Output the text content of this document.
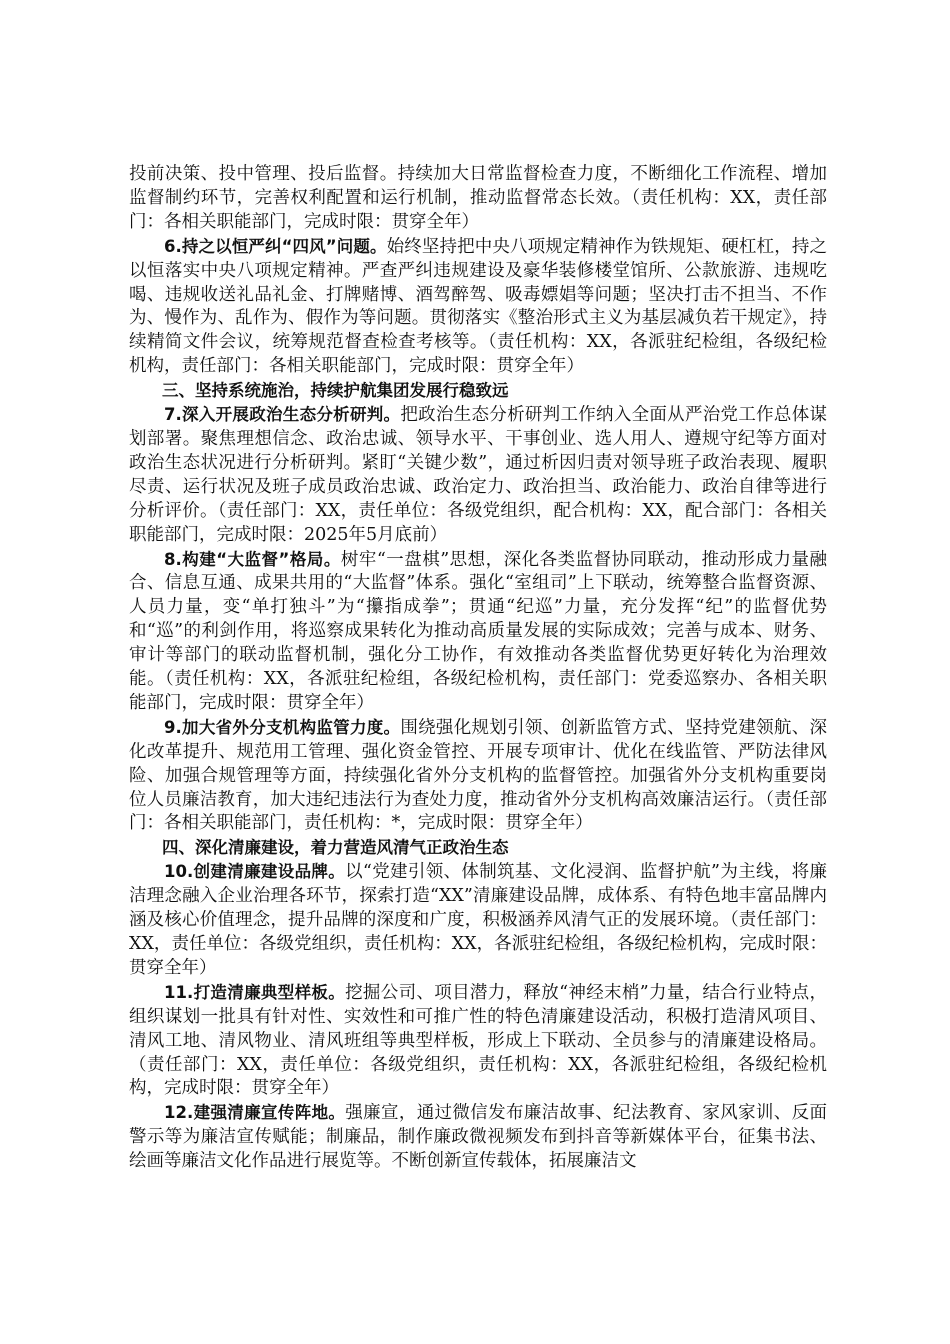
投前决策、投中管理、投后监督。持续加大日常监督检查力度，不断细化工作流程、增加监督制约环节，完善权利配置和运行机制，推动监督常态长效。（责任机构：XX，责任部门：各相关职能部门，完成时限：贯穿全年）

6.持之以恒严纠“四风”问题。始终坚持把中央八项规定精神作为铁规矩、硬杠杠，持之以恒落实中央八项规定精神。严查严纠违规建设及豪华装修楼堂馆所、公款旅游、违规吃喝、违规收送礼品礼金、打牌赌博、酒驾醉驾、吸毒嫖娼等问题；坚决打击不担当、不作为、慢作为、乱作为、假作为等问题。贯彻落实《整治形式主义为基层减负若干规定》，持续精简文件会议，统筹规范督查检查考核等。（责任机构：XX，各派驻纪检组，各级纪检机构，责任部门：各相关职能部门，完成时限：贯穿全年）

三、坚持系统施治，持续护航集团发展行稳致远

7.深入开展政治生态分析研判。把政治生态分析研判工作纳入全面从严治党工作总体谋划部署。聚焦理想信念、政治忠诚、领导水平、干事创业、选人用人、遵规守纪等方面对政治生态状况进行分析研判。紧盯“关键少数”，通过析因归责对领导班子政治表现、履职尽责、运行状况及班子成员政治忠诚、政治定力、政治担当、政治能力、政治自律等进行分析评价。（责任部门：XX，责任单位：各级党组织，配合机构：XX，配合部门：各相关职能部门，完成时限：2025年5月底前）

8.构建“大监督”格局。树牢“一盘棋”思想，深化各类监督协同联动，推动形成力量融合、信息互通、成果共用的“大监督”体系。强化“室组司”上下联动，统筹整合监督资源、人员力量，变“单打独斗”为“攥指成拳”；贯通“纪巡”力量，充分发挥“纪”的监督优势和“巡”的利剑作用，将巡察成果转化为推动高质量发展的实际成效；完善与成本、财务、审计等部门的联动监督机制，强化分工协作，有效推动各类监督优势更好转化为治理效能。（责任机构：XX，各派驻纪检组，各级纪检机构，责任部门：党委巡察办、各相关职能部门，完成时限：贯穿全年）

9.加大省外分支机构监管力度。围绕强化规划引领、创新监管方式、坚持党建领航、深化改革提升、规范用工管理、强化资金管控、开展专项审计、优化在线监管、严防法律风险、加强合规管理等方面，持续强化省外分支机构的监督管控。加强省外分支机构重要岗位人员廉洁教育，加大违纪违法行为查处力度，推动省外分支机构高效廉洁运行。（责任部门：各相关职能部门，责任机构：*，完成时限：贯穿全年）

四、深化清廉建设，着力营造风清气正政治生态

10.创建清廉建设品牌。以“党建引领、体制筑基、文化浸润、监督护航”为主线，将廉洁理念融入企业治理各环节，探索打造“XX”清廉建设品牌，成体系、有特色地丰富品牌内涵及核心价值理念，提升品牌的深度和广度，积极涵养风清气正的发展环境。（责任部门：XX，责任单位：各级党组织，责任机构：XX，各派驻纪检组，各级纪检机构，完成时限：贯穿全年）

11.打造清廉典型样板。挖掘公司、项目潜力，释放“神经末梢”力量，结合行业特点，组织谋划一批具有针对性、实效性和可推广性的特色清廉建设活动，积极打造清风项目、清风工地、清风物业、清风班组等典型样板，形成上下联动、全员参与的清廉建设格局。（责任部门：XX，责任单位：各级党组织，责任机构：XX，各派驻纪检组，各级纪检机构，完成时限：贯穿全年）

12.建强清廉宣传阵地。强廉宣，通过微信发布廉洁故事、纪法教育、家风家训、反面警示等为廉洁宣传赋能；制廉品，制作廉政微视频发布到抖音等新媒体平台，征集书法、绘画等廉洁文化作品进行展览等。不断创新宣传载体，拓展廉洁文
